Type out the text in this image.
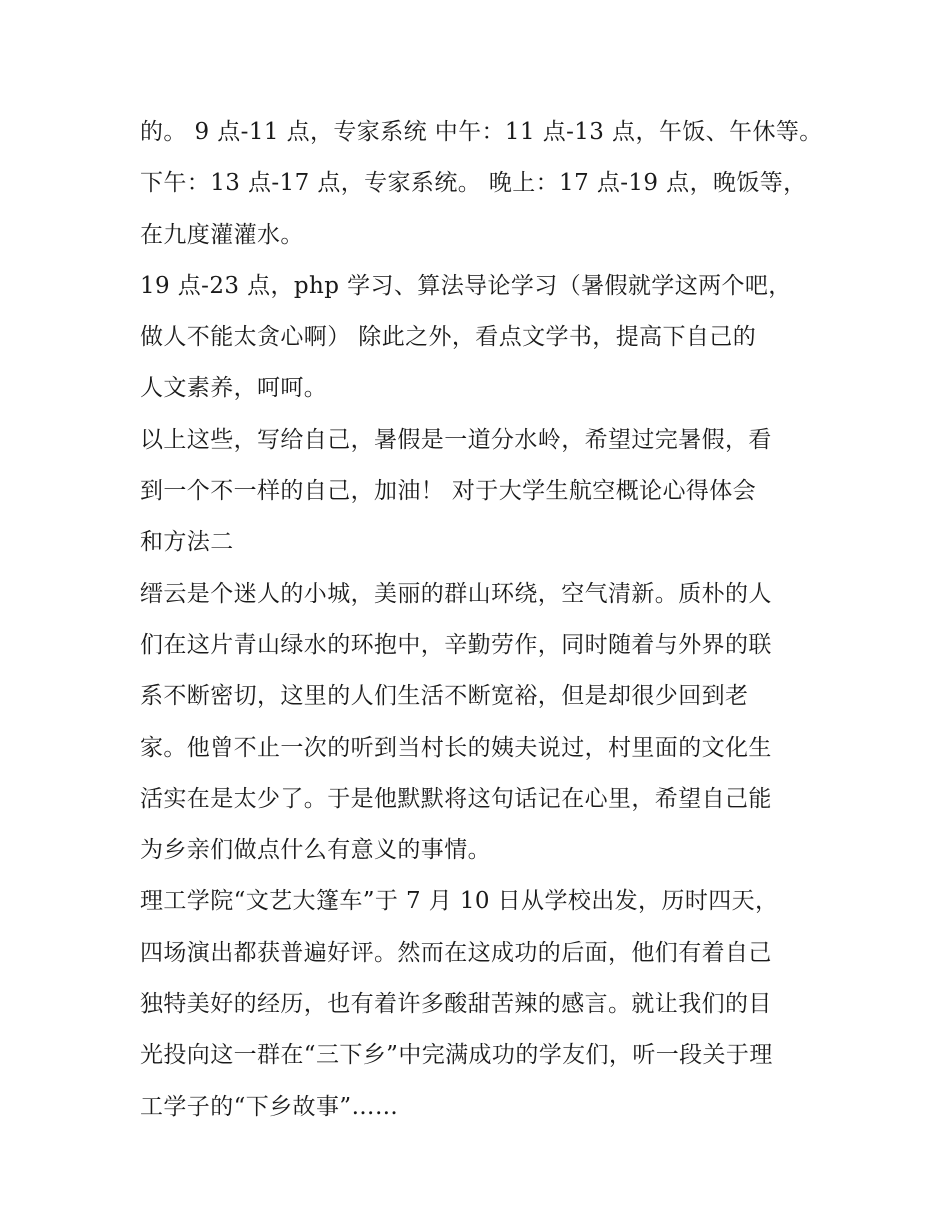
的。 9 点-11 点，专家系统 中午：11 点-13 点，午饭、午休等。
下午：13 点-17 点，专家系统。 晚上：17 点-19 点，晚饭等，
在九度灌灌水。
19 点-23 点，php 学习、算法导论学习（暑假就学这两个吧，
做人不能太贪心啊） 除此之外，看点文学书，提高下自己的
人文素养，呵呵。
以上这些，写给自己，暑假是一道分水岭，希望过完暑假，看
到一个不一样的自己，加油！ 对于大学生航空概论心得体会
和方法二
缙云是个迷人的小城，美丽的群山环绕，空气清新。质朴的人
们在这片青山绿水的环抱中，辛勤劳作，同时随着与外界的联
系不断密切，这里的人们生活不断宽裕，但是却很少回到老
家。他曾不止一次的听到当村长的姨夫说过，村里面的文化生
活实在是太少了。于是他默默将这句话记在心里，希望自己能
为乡亲们做点什么有意义的事情。
理工学院“文艺大篷车”于 7 月 10 日从学校出发，历时四天，
四场演出都获普遍好评。然而在这成功的后面，他们有着自己
独特美好的经历，也有着许多酸甜苦辣的感言。就让我们的目
光投向这一群在“三下乡”中完满成功的学友们，听一段关于理
工学子的“下乡故事”……
